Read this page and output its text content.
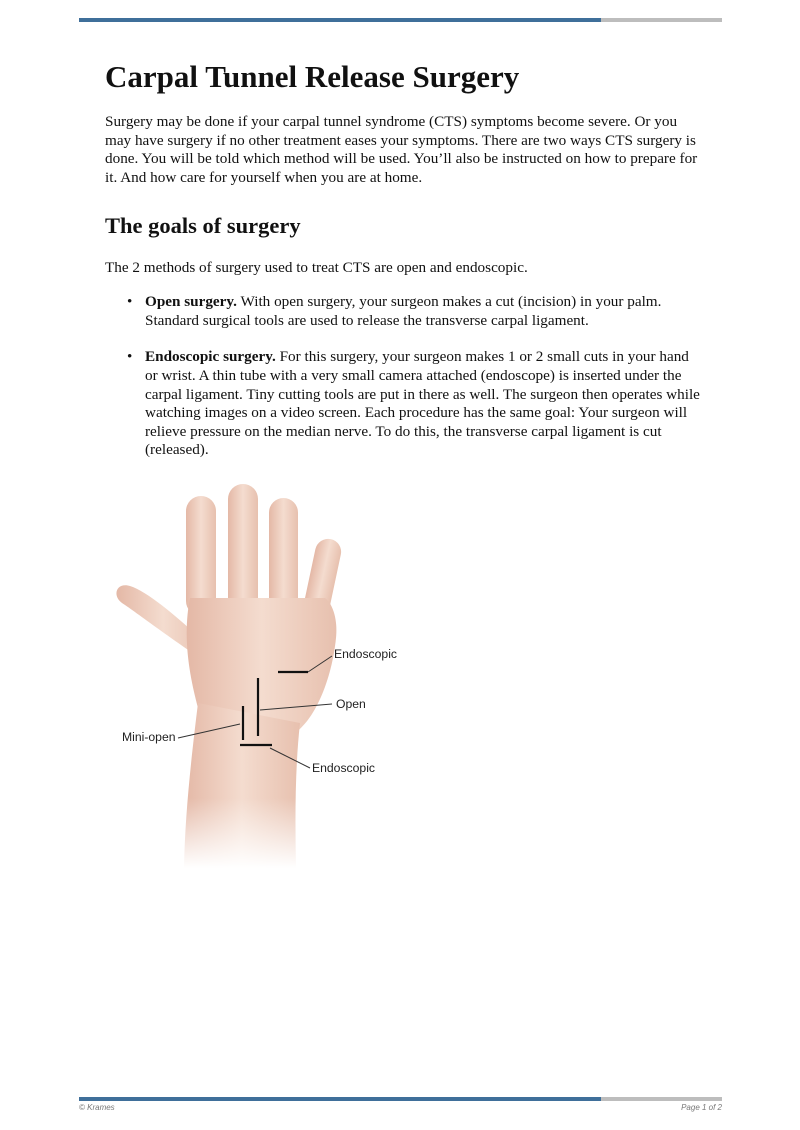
Carpal Tunnel Release Surgery

Surgery may be done if your carpal tunnel syndrome (CTS) symptoms become severe. Or you may have surgery if no other treatment eases your symptoms. There are two ways CTS surgery is done. You will be told which method will be used. You’ll also be instructed on how to prepare for it. And how care for yourself when you are at home.

The goals of surgery

The 2 methods of surgery used to treat CTS are open and endoscopic.

• Open surgery. With open surgery, your surgeon makes a cut (incision) in your palm. Standard surgical tools are used to release the transverse carpal ligament.
• Endoscopic surgery. For this surgery, your surgeon makes 1 or 2 small cuts in your hand or wrist. A thin tube with a very small camera attached (endoscope) is inserted under the carpal ligament. Tiny cutting tools are put in there as well. The surgeon then operates while watching images on a video screen. Each procedure has the same goal: Your surgeon will relieve pressure on the median nerve. To do this, the transverse carpal ligament is cut (released).
Endoscopic
Open
Mini-open
Endoscopic
© Krames	Page 1 of 2
